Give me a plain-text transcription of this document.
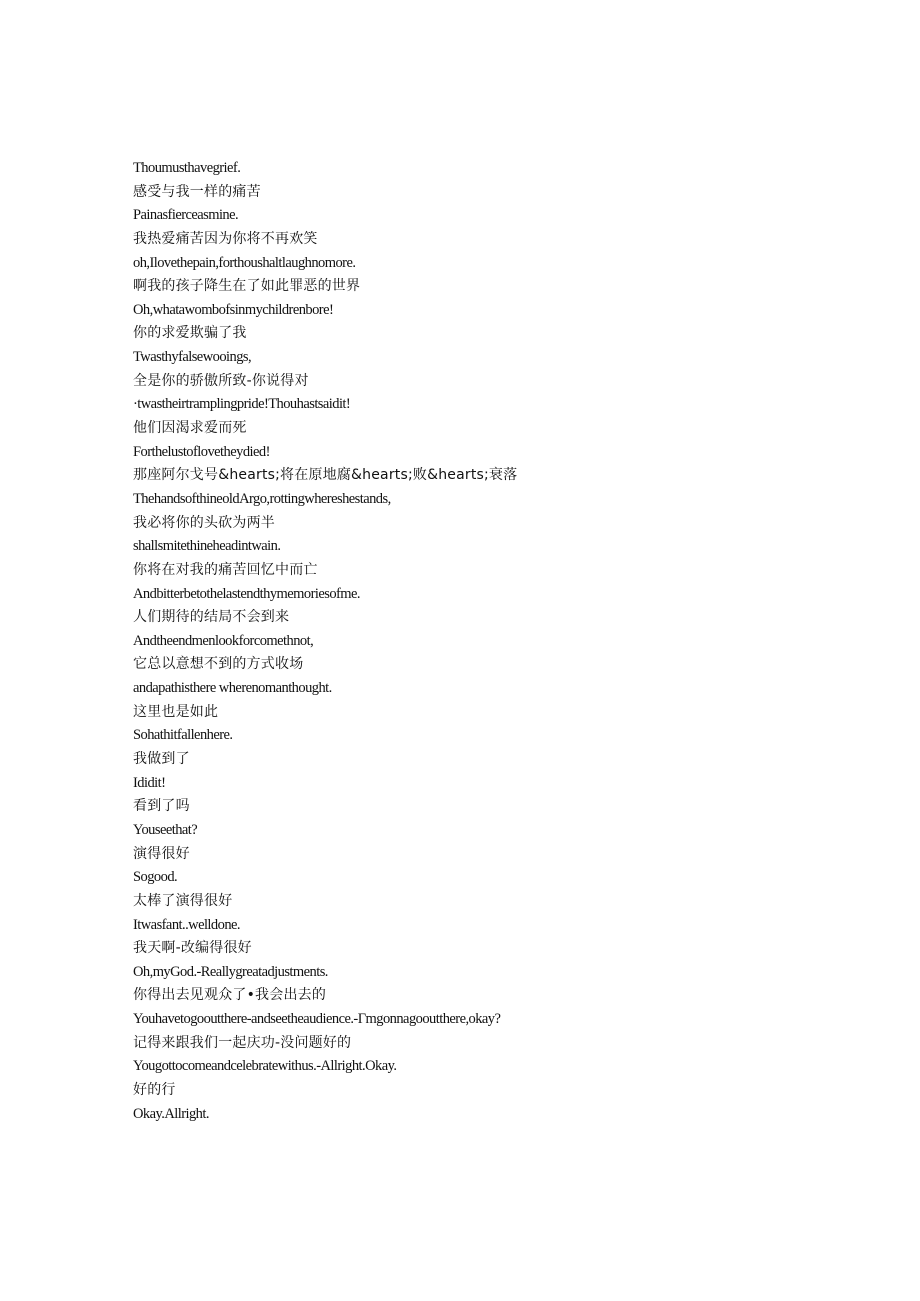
Thoumusthavegrief.
感受与我一样的痛苦
Painasfierceasmine.
我热爱痛苦因为你将不再欢笑
oh,Ilovethepain,forthoushaltlaughnomore.
啊我的孩子降生在了如此罪恶的世界
Oh,whatawombofsinmychildrenbore!
你的求爱欺骗了我
Twasthyfalsewooings,
全是你的骄傲所致-你说得对
·twastheirtramplingpride!Thouhastsaidit!
他们因渴求爱而死
Forthelustoflovetheydied!
那座阿尔戈号&hearts;将在原地腐&hearts;败&hearts;衰落
ThehandsofthineoldArgo,rottingwhereshestands,
我必将你的头砍为两半
shallsmitethineheadintwain.
你将在对我的痛苦回忆中而亡
Andbitterbetothelastendthymemoriesofme.
人们期待的结局不会到来
Andtheendmenlookforcomethnot,
它总以意想不到的方式收场
andapathisthere wherenomanthought.
这里也是如此
Sohathitfallenhere.
我做到了
Ididit!
看到了吗
Youseethat?
演得很好
Sogood.
太棒了演得很好
Itwasfant..welldone.
我天啊-改编得很好
Oh,myGod.-Reallygreatadjustments.
你得出去见观众了•我会出去的
Youhavetogooutthere-andseetheaudience.-Γmgonnagooutthere,okay?
记得来跟我们一起庆功-没问题好的
Yougottocomeandcelebratewithus.-Allright.Okay.
好的行
Okay.Allright.
